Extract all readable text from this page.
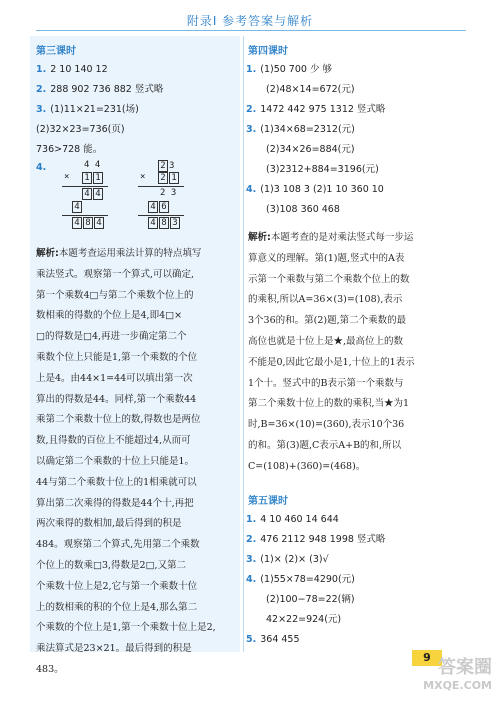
附录Ⅰ 参考答案与解析
第三课时
1. 2 10 140 12
2. 288 902 736 882 竖式略
3. (1)11×21=231(场)
(2)32×23=736(页)
736>728 能。
4.	4 4
× 1 1
4 4
4
4 8 4
2 3
× 2 1
2 3
4 6
4 8 3
解析:本题考查运用乘法计算的特点填写
乘法竖式。观察第一个算式,可以确定,
第一个乘数4□与第二个乘数个位上的
数相乘的得数的个位上是4,即4□×
□的得数是□4,再进一步确定第二个
乘数个位上只能是1,第一个乘数的个位
上是4。由44×1=44可以填出第一次
算出的得数是44。同样,第一个乘数44
乘第二个乘数十位上的数,得数也是两位
数,且得数的百位上不能超过4,从而可
以确定第二个乘数的十位上只能是1。
44与第二个乘数十位上的1相乘就可以
算出第二次乘得的得数是44个十,再把
两次乘得的数相加,最后得到的积是
484。观察第二个算式,先用第二个乘数
个位上的数乘□3,得数是2□,又第二
个乘数十位上是2,它与第一个乘数十位
上的数相乘的积的个位上是4,那么第二
个乘数的个位上是1,第一个乘数十位上是2,
乘法算式是23×21。最后得到的积是
483。
第四课时
1. (1)50 700 少 够
(2)48×14=672(元)
2. 1472 442 975 1312 竖式略
3. (1)34×68=2312(元)
(2)34×26=884(元)
(3)2312+884=3196(元)
4. (1)3 108 3 (2)1 10 360 10
(3)108 360 468
解析:本题考查的是对乘法竖式每一步运
算意义的理解。第(1)题,竖式中的A表
示第一个乘数与第二个乘数个位上的数
的乘积,所以A=36×(3)=(108),表示
3个36的和。第(2)题,第二个乘数的最
高位也就是十位上是★,最高位上的数
不能是0,因此它最小是1,十位上的1表示
1个十。竖式中的B表示第一个乘数与
第二个乘数十位上的数的乘积,当★为1
时,B=36×(10)=(360),表示10个36
的和。第(3)题,C表示A+B的和,所以
C=(108)+(360)=(468)。
第五课时
1. 4 10 460 14 644
2. 476 2112 948 1998 竖式略
3. (1)× (2)× (3)√
4. (1)55×78=4290(元)
(2)100−78=22(辆)
42×22=924(元)
5. 364 455
9 答案圈
MXQE.COM
